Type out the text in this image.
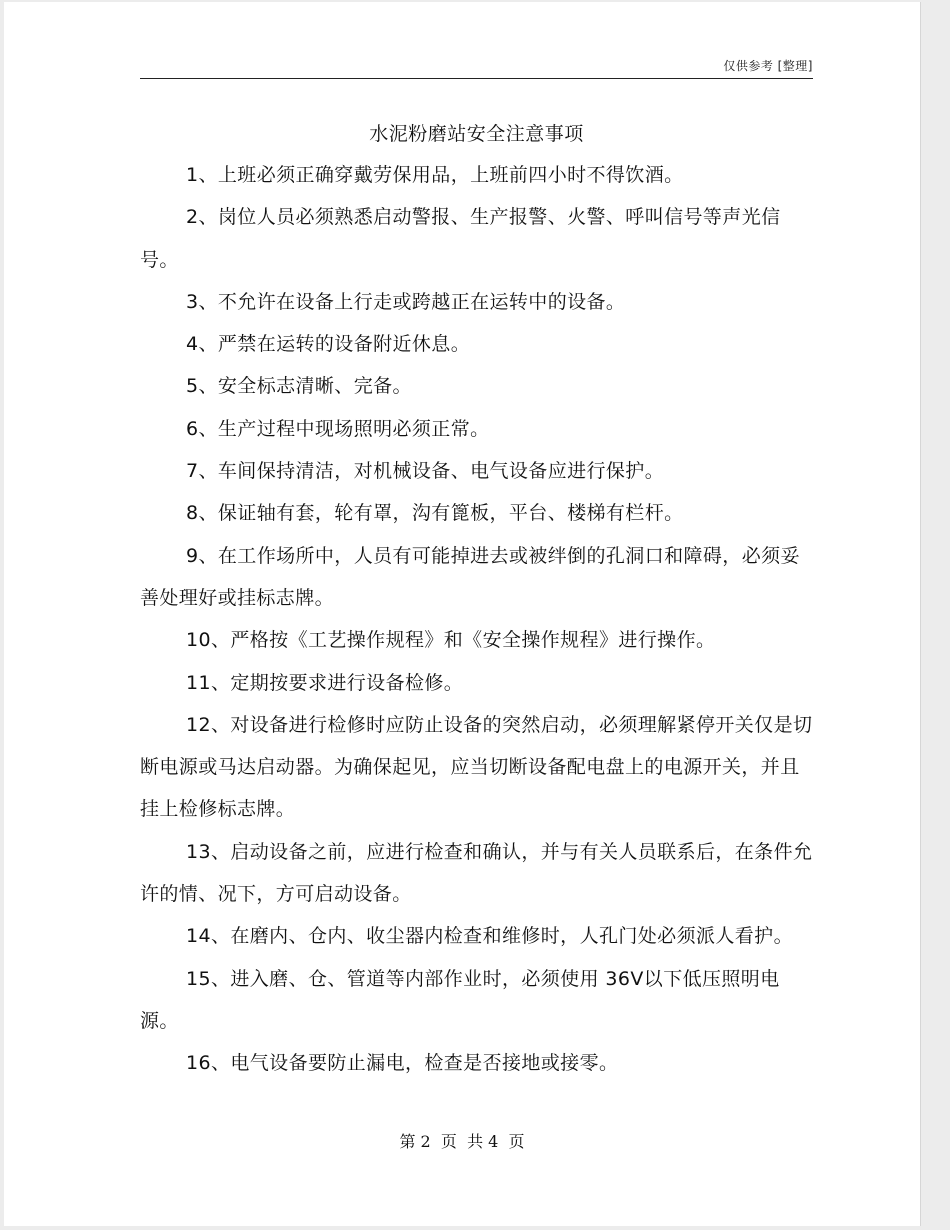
仅供参考 [整理]
水泥粉磨站安全注意事项

1、上班必须正确穿戴劳保用品，上班前四小时不得饮酒。

2、岗位人员必须熟悉启动警报、生产报警、火警、呼叫信号等声光信号。

3、不允许在设备上行走或跨越正在运转中的设备。

4、严禁在运转的设备附近休息。

5、安全标志清晰、完备。

6、生产过程中现场照明必须正常。

7、车间保持清洁，对机械设备、电气设备应进行保护。

8、保证轴有套，轮有罩，沟有篦板，平台、楼梯有栏杆。

9、在工作场所中，人员有可能掉进去或被绊倒的孔洞口和障碍，必须妥善处理好或挂标志牌。

10、严格按《工艺操作规程》和《安全操作规程》进行操作。

11、定期按要求进行设备检修。

12、对设备进行检修时应防止设备的突然启动，必须理解紧停开关仅是切断电源或马达启动器。为确保起见，应当切断设备配电盘上的电源开关，并且挂上检修标志牌。

13、启动设备之前，应进行检查和确认，并与有关人员联系后，在条件允许的情、况下，方可启动设备。

14、在磨内、仓内、收尘器内检查和维修时，人孔门处必须派人看护。

15、进入磨、仓、管道等内部作业时，必须使用 36V以下低压照明电源。

16、电气设备要防止漏电，检查是否接地或接零。

第 2  页  共 4  页
